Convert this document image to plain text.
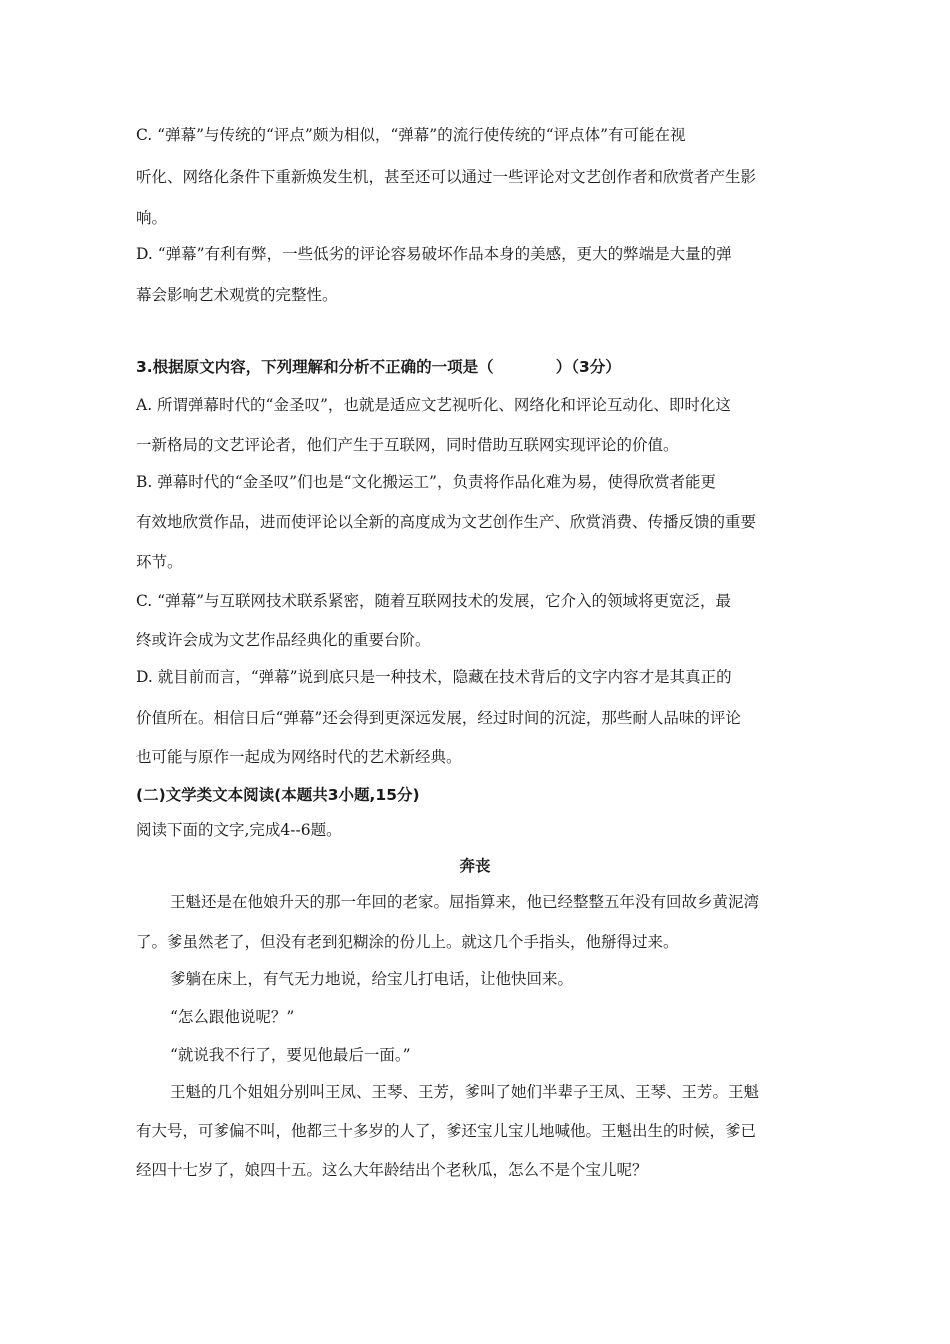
C. “弹幕”与传统的“评点”颇为相似，“弹幕”的流行使传统的“评点体”有可能在视
听化、网络化条件下重新焕发生机，甚至还可以通过一些评论对文艺创作者和欣赏者产生影
响。
D. “弹幕”有利有弊，一些低劣的评论容易破坏作品本身的美感，更大的弊端是大量的弹
幕会影响艺术观赏的完整性。
3.根据原文内容，下列理解和分析不正确的一项是（	）（3分）
A. 所谓弹幕时代的“金圣叹”，也就是适应文艺视听化、网络化和评论互动化、即时化这
一新格局的文艺评论者，他们产生于互联网，同时借助互联网实现评论的价值。
B. 弹幕时代的“金圣叹”们也是“文化搬运工”，负责将作品化难为易，使得欣赏者能更
有效地欣赏作品，进而使评论以全新的高度成为文艺创作生产、欣赏消费、传播反馈的重要
环节。
C. “弹幕”与互联网技术联系紧密，随着互联网技术的发展，它介入的领域将更宽泛，最
终或许会成为文艺作品经典化的重要台阶。
D. 就目前而言，“弹幕”说到底只是一种技术，隐藏在技术背后的文字内容才是其真正的
价值所在。相信日后“弹幕”还会得到更深远发展，经过时间的沉淀，那些耐人品味的评论
也可能与原作一起成为网络时代的艺术新经典。
(二)文学类文本阅读(本题共3小题,15分)
阅读下面的文字,完成4--6题。
奔丧
王魁还是在他娘升天的那一年回的老家。屈指算来，他已经整整五年没有回故乡黄泥湾
了。爹虽然老了，但没有老到犯糊涂的份儿上。就这几个手指头，他掰得过来。
爹躺在床上，有气无力地说，给宝儿打电话，让他快回来。
“怎么跟他说呢？”
“就说我不行了，要见他最后一面。”
王魁的几个姐姐分别叫王凤、王琴、王芳，爹叫了她们半辈子王凤、王琴、王芳。王魁
有大号，可爹偏不叫，他都三十多岁的人了，爹还宝儿宝儿地喊他。王魁出生的时候，爹已
经四十七岁了，娘四十五。这么大年龄结出个老秋瓜，怎么不是个宝儿呢？
